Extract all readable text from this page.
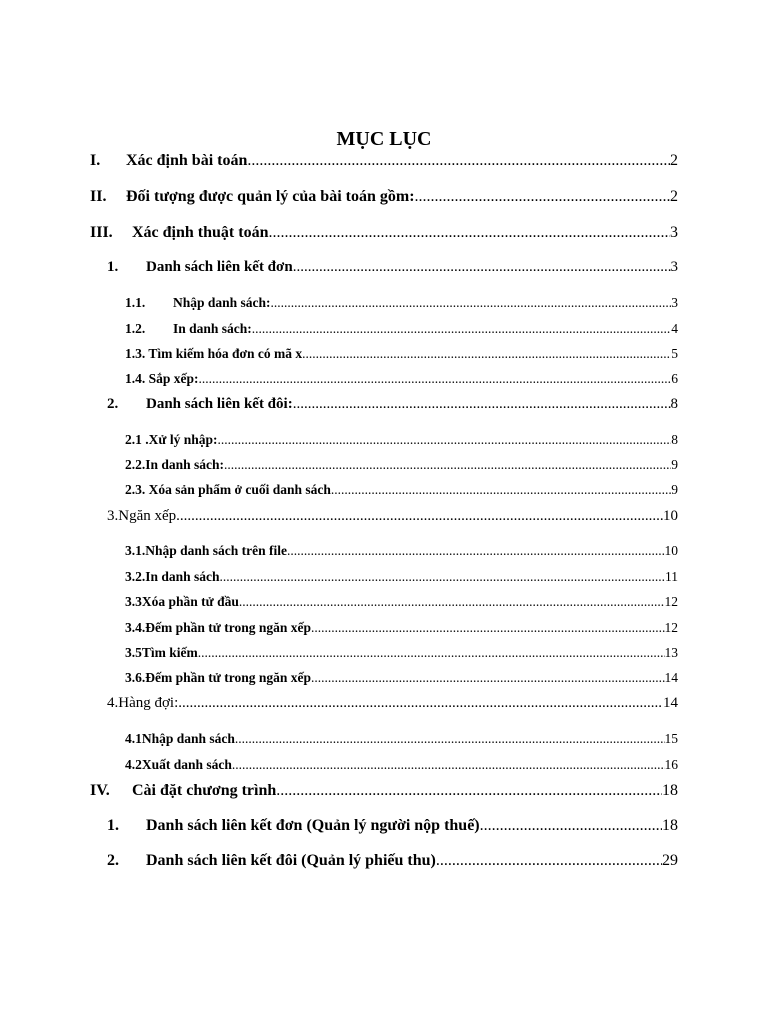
MỤC LỤC
I.	Xác định bài toán .....	2
II.	Đối tượng được quản lý của bài toán gồm: .....	2
III.	Xác định thuật toán .....	3
1.	Danh sách liên kết đơn .....	3
1.1.	Nhập danh sách: .....	3
1.2.	In danh sách: .....	4
1.3. Tìm kiếm hóa đơn có mã x .....	5
1.4. Sắp xếp: .....	6
2.	Danh sách liên kết đôi: .....	8
2.1 .Xử lý nhập: .....	8
2.2.In danh sách: .....	9
2.3. Xóa sản phẩm ở cuối danh sách .....	9
3.Ngăn xếp .....	10
3.1.Nhập danh sách trên file .....	10
3.2.In danh sách .....	11
3.3Xóa phần tử đầu .....	12
3.4.Đếm phần tử trong ngăn xếp .....	12
3.5Tìm kiếm .....	13
3.6.Đếm phần tử trong ngăn xếp .....	14
4.Hàng đợi: .....	14
4.1Nhập danh sách .....	15
4.2Xuất danh sách .....	16
IV.	Cài đặt chương trình .....	18
1.	Danh sách liên kết đơn (Quản lý người nộp thuế) .....	18
2.	Danh sách liên kết đôi (Quản lý phiếu thu) .....	29
